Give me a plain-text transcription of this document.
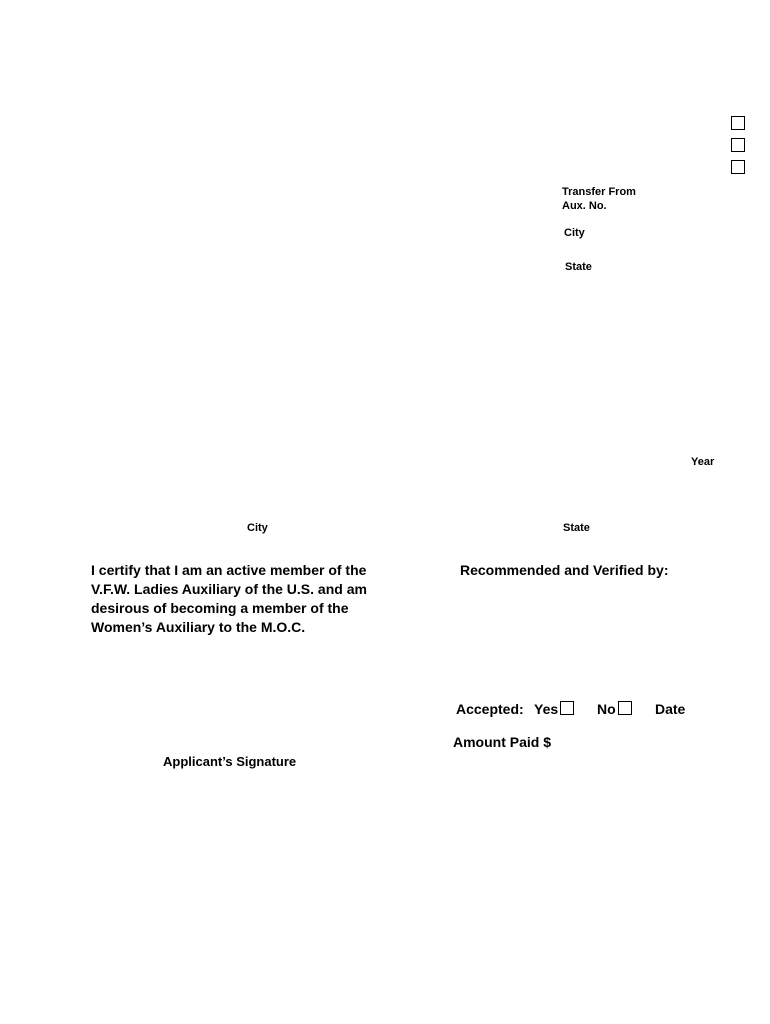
Transfer From
Aux. No.
City
State
Year
City	State
I certify that I am an active member of the
V.F.W. Ladies Auxiliary of the U.S. and am
desirous of becoming a member of the
Women’s Auxiliary to the M.O.C.
Recommended and Verified by:
Accepted: Yes	No	Date
Amount Paid $
Applicant’s Signature
